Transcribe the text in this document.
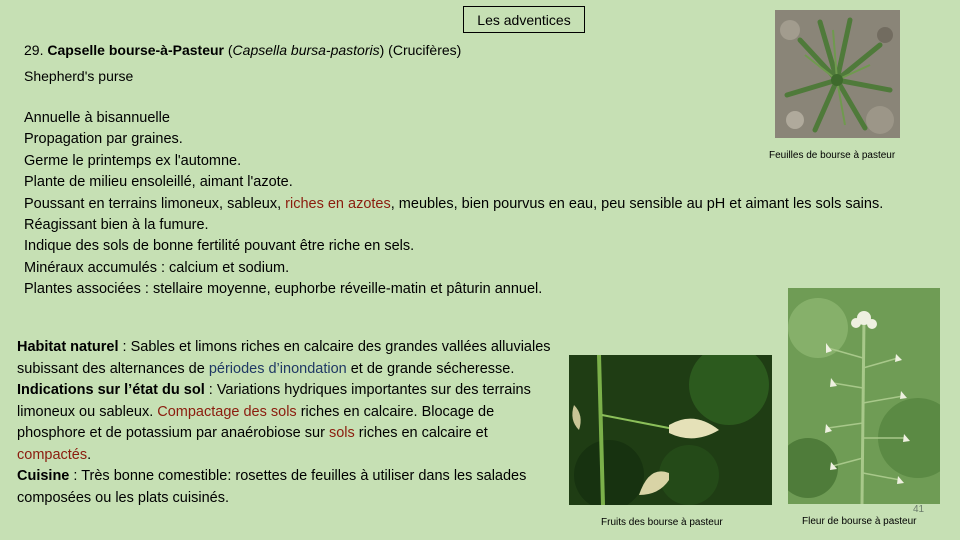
Les adventices
29. Capselle bourse-à-Pasteur (Capsella bursa-pastoris) (Crucifères)
Shepherd's purse

Annuelle à bisannuelle

Propagation par graines.

Germe le printemps ex l'automne.

Plante de milieu ensoleillé, aimant l'azote.

Poussant en terrains limoneux, sableux, riches en azotes, meubles, bien pourvus en eau, peu sensible au pH et aimant les sols sains.

Réagissant bien à la fumure.

Indique des sols de bonne fertilité pouvant être riche en sels.

Minéraux accumulés : calcium et sodium.

Plantes associées : stellaire moyenne, euphorbe réveille-matin et pâturin annuel.

Habitat naturel : Sables et limons riches en calcaire des grandes vallées alluviales subissant des alternances de périodes d’inondation et de grande sécheresse.

Indications sur l’état du sol : Variations hydriques importantes sur des terrains limoneux ou sableux. Compactage des sols riches en calcaire. Blocage de phosphore et de potassium par anaérobiose sur sols riches en calcaire et compactés.

Cuisine : Très bonne comestible: rosettes de feuilles à utiliser dans les salades composées ou les plats cuisinés.

Feuilles de bourse à pasteur
Fruits des bourse à pasteur	Fleur de bourse à pasteur
41
